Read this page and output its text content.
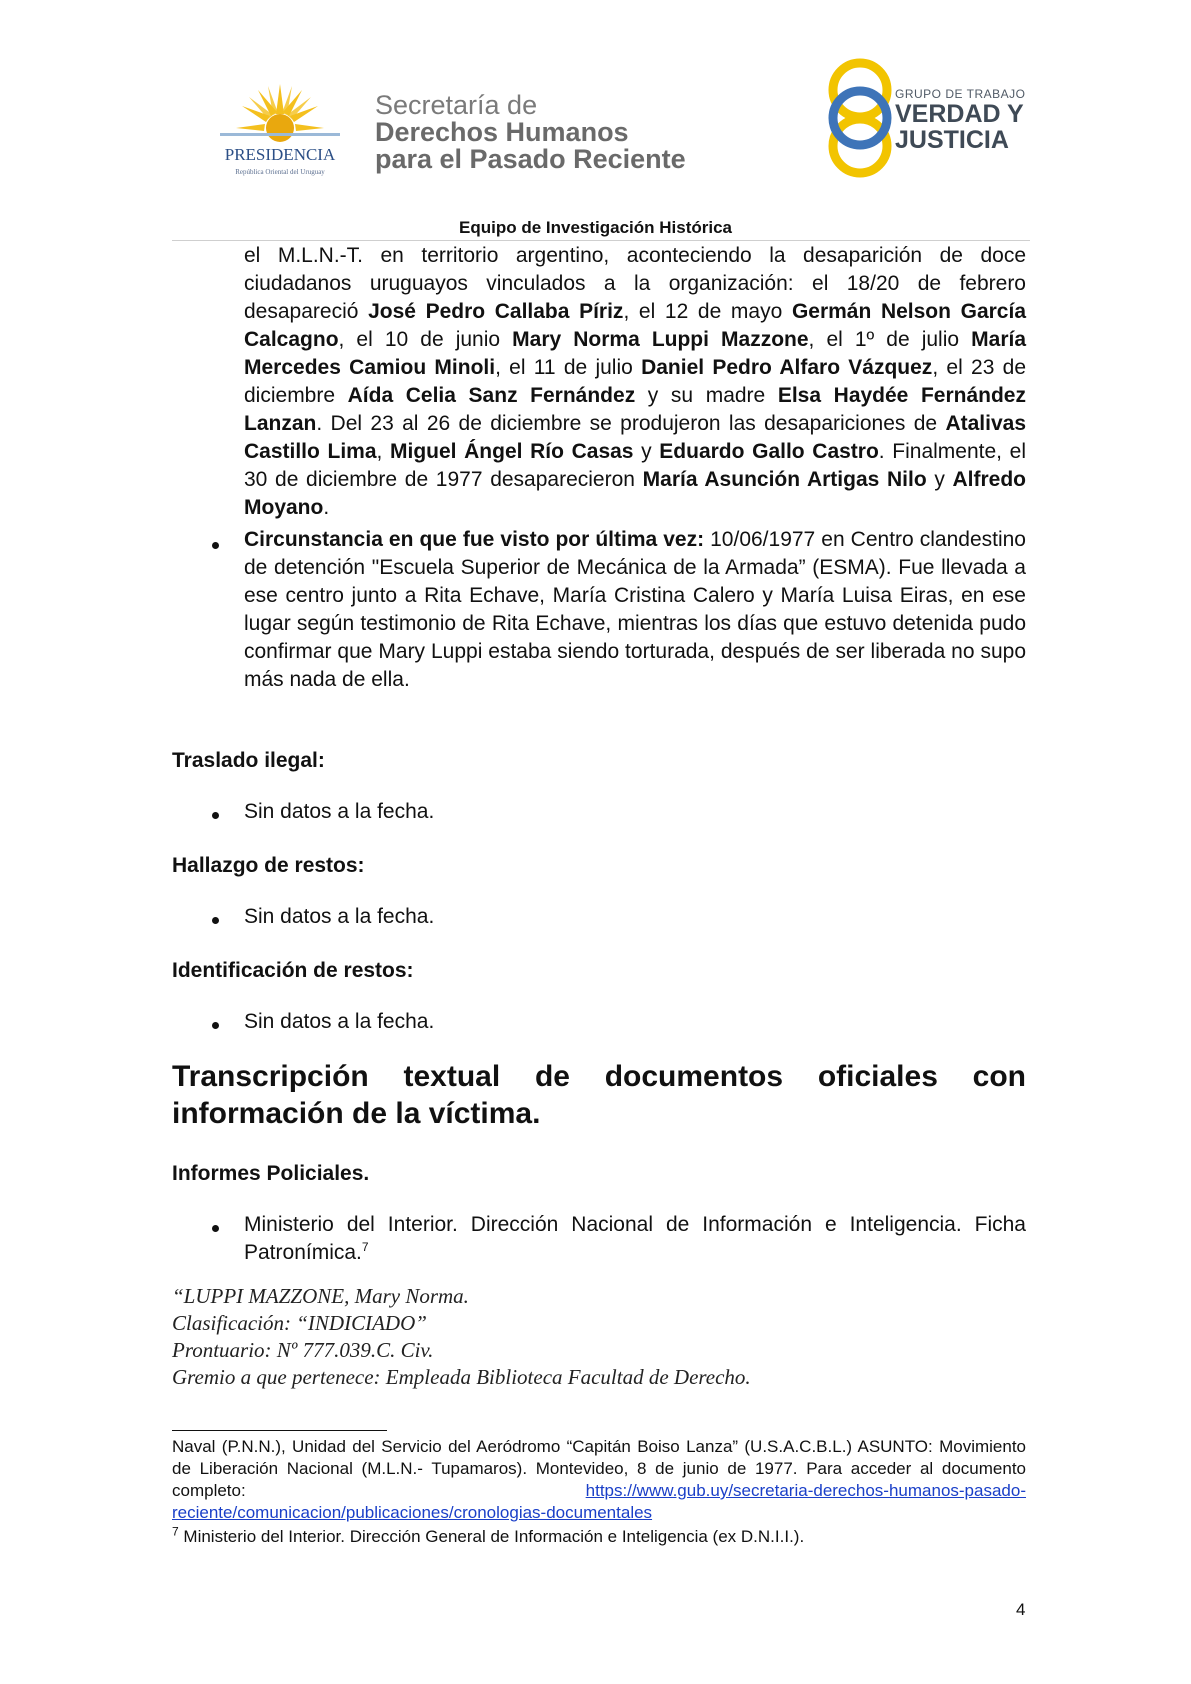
PRESIDENCIA
República Oriental del Uruguay
Secretaría de
Derechos Humanos
para el Pasado Reciente
GRUPO DE TRABAJO
VERDAD Y
JUSTICIA
Equipo de Investigación Histórica
el M.L.N.-T. en territorio argentino, aconteciendo la desaparición de doce ciudadanos uruguayos vinculados a la organización: el 18/20 de febrero desapareció José Pedro Callaba Píriz, el 12 de mayo Germán Nelson García Calcagno, el 10 de junio Mary Norma Luppi Mazzone, el 1º de julio María Mercedes Camiou Minoli, el 11 de julio Daniel Pedro Alfaro Vázquez, el 23 de diciembre Aída Celia Sanz Fernández y su madre Elsa Haydée Fernández Lanzan. Del 23 al 26 de diciembre se produjeron las desapariciones de Atalivas Castillo Lima, Miguel Ángel Río Casas y Eduardo Gallo Castro. Finalmente, el 30 de diciembre de 1977 desaparecieron María Asunción Artigas Nilo y Alfredo Moyano.
Circunstancia en que fue visto por última vez: 10/06/1977 en Centro clandestino de detención "Escuela Superior de Mecánica de la Armada” (ESMA). Fue llevada a ese centro junto a Rita Echave, María Cristina Calero y María Luisa Eiras, en ese lugar según testimonio de Rita Echave, mientras los días que estuvo detenida pudo confirmar que Mary Luppi estaba siendo torturada, después de ser liberada no supo más nada de ella.
Traslado ilegal:
Sin datos a la fecha.
Hallazgo de restos:
Sin datos a la fecha.
Identificación de restos:
Sin datos a la fecha.
Transcripción textual de documentos oficiales con información de la víctima.
Informes Policiales.
Ministerio del Interior. Dirección Nacional de Información e Inteligencia. Ficha Patronímica.$^7$
“LUPPI MAZZONE, Mary Norma.
Clasificación: “INDICIADO”
Prontuario: Nº 777.039.C. Civ.
Gremio a que pertenece: Empleada Biblioteca Facultad de Derecho.
Naval (P.N.N.), Unidad del Servicio del Aeródromo “Capitán Boiso Lanza” (U.S.A.C.B.L.) ASUNTO: Movimiento de Liberación Nacional (M.L.N.- Tupamaros). Montevideo, 8 de junio de 1977. Para acceder al documento completo: https://www.gub.uy/secretaria-derechos-humanos-pasado-reciente/comunicacion/publicaciones/cronologias-documentales
$^7$ Ministerio del Interior. Dirección General de Información e Inteligencia (ex D.N.I.I.).
4
